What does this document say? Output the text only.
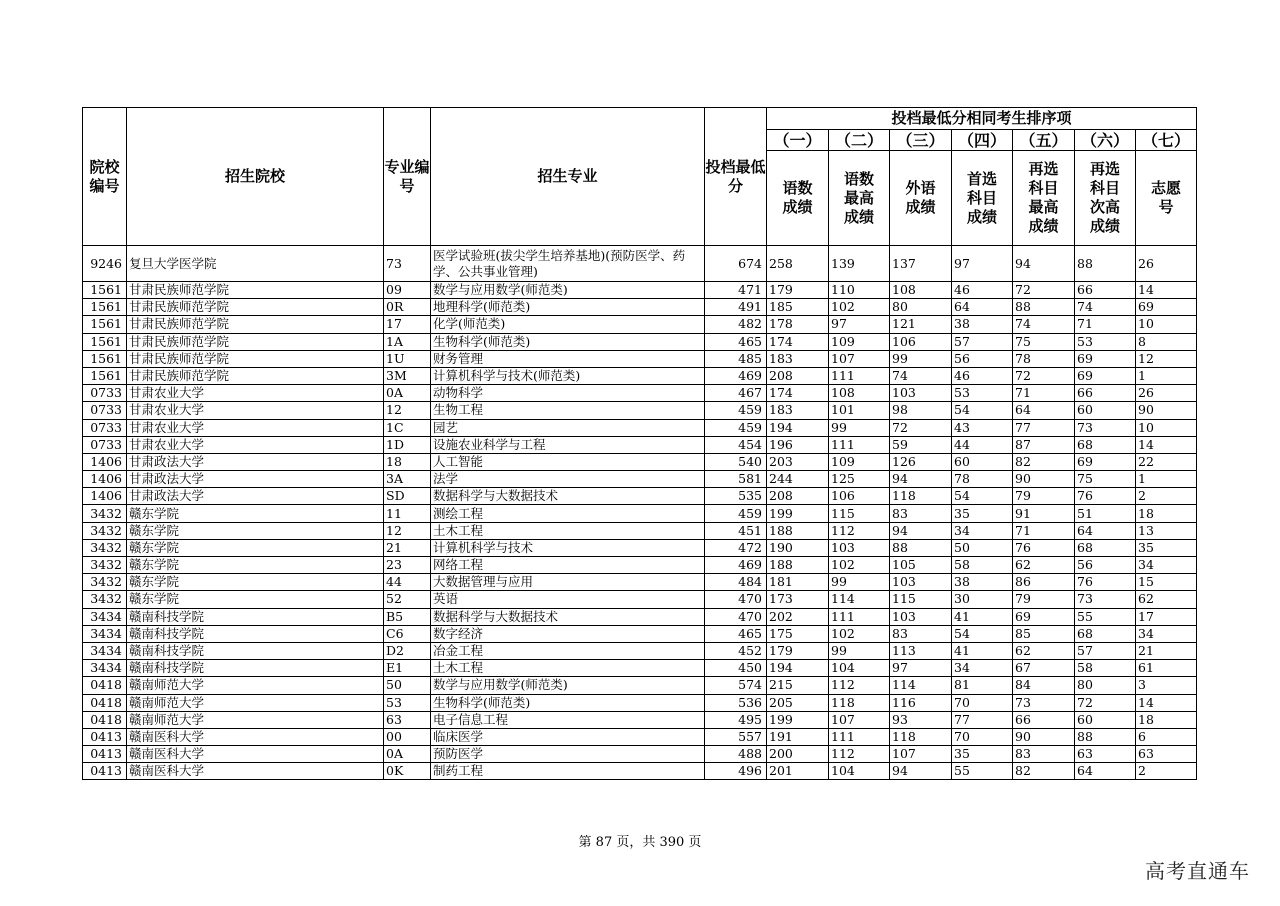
院校编号	招生院校	专业编号	招生专业	投档最低分	投档最低分相同考生排序项						
					（一）	（二）	（三）	（四）	（五）	（六）	（七）
					语数成绩	语数最高成绩	外语成绩	首选科目成绩	再选科目最高成绩	再选科目次高成绩	志愿号
9246	复旦大学医学院	73	医学试验班(拔尖学生培养基地)(预防医学、药学、公共事业管理)	674	258	139	137	97	94	88	26
1561	甘肃民族师范学院	09	数学与应用数学(师范类)	471	179	110	108	46	72	66	14
1561	甘肃民族师范学院	0R	地理科学(师范类)	491	185	102	80	64	88	74	69
1561	甘肃民族师范学院	17	化学(师范类)	482	178	97	121	38	74	71	10
1561	甘肃民族师范学院	1A	生物科学(师范类)	465	174	109	106	57	75	53	8
1561	甘肃民族师范学院	1U	财务管理	485	183	107	99	56	78	69	12
1561	甘肃民族师范学院	3M	计算机科学与技术(师范类)	469	208	111	74	46	72	69	1
0733	甘肃农业大学	0A	动物科学	467	174	108	103	53	71	66	26
0733	甘肃农业大学	12	生物工程	459	183	101	98	54	64	60	90
0733	甘肃农业大学	1C	园艺	459	194	99	72	43	77	73	10
0733	甘肃农业大学	1D	设施农业科学与工程	454	196	111	59	44	87	68	14
1406	甘肃政法大学	18	人工智能	540	203	109	126	60	82	69	22
1406	甘肃政法大学	3A	法学	581	244	125	94	78	90	75	1
1406	甘肃政法大学	SD	数据科学与大数据技术	535	208	106	118	54	79	76	2
3432	赣东学院	11	测绘工程	459	199	115	83	35	91	51	18
3432	赣东学院	12	土木工程	451	188	112	94	34	71	64	13
3432	赣东学院	21	计算机科学与技术	472	190	103	88	50	76	68	35
3432	赣东学院	23	网络工程	469	188	102	105	58	62	56	34
3432	赣东学院	44	大数据管理与应用	484	181	99	103	38	86	76	15
3432	赣东学院	52	英语	470	173	114	115	30	79	73	62
3434	赣南科技学院	B5	数据科学与大数据技术	470	202	111	103	41	69	55	17
3434	赣南科技学院	C6	数字经济	465	175	102	83	54	85	68	34
3434	赣南科技学院	D2	冶金工程	452	179	99	113	41	62	57	21
3434	赣南科技学院	E1	土木工程	450	194	104	97	34	67	58	61
0418	赣南师范大学	50	数学与应用数学(师范类)	574	215	112	114	81	84	80	3
0418	赣南师范大学	53	生物科学(师范类)	536	205	118	116	70	73	72	14
0418	赣南师范大学	63	电子信息工程	495	199	107	93	77	66	60	18
0413	赣南医科大学	00	临床医学	557	191	111	118	70	90	88	6
0413	赣南医科大学	0A	预防医学	488	200	112	107	35	83	63	63
0413	赣南医科大学	0K	制药工程	496	201	104	94	55	82	64	2
第 87 页，共 390 页
高考直通车
